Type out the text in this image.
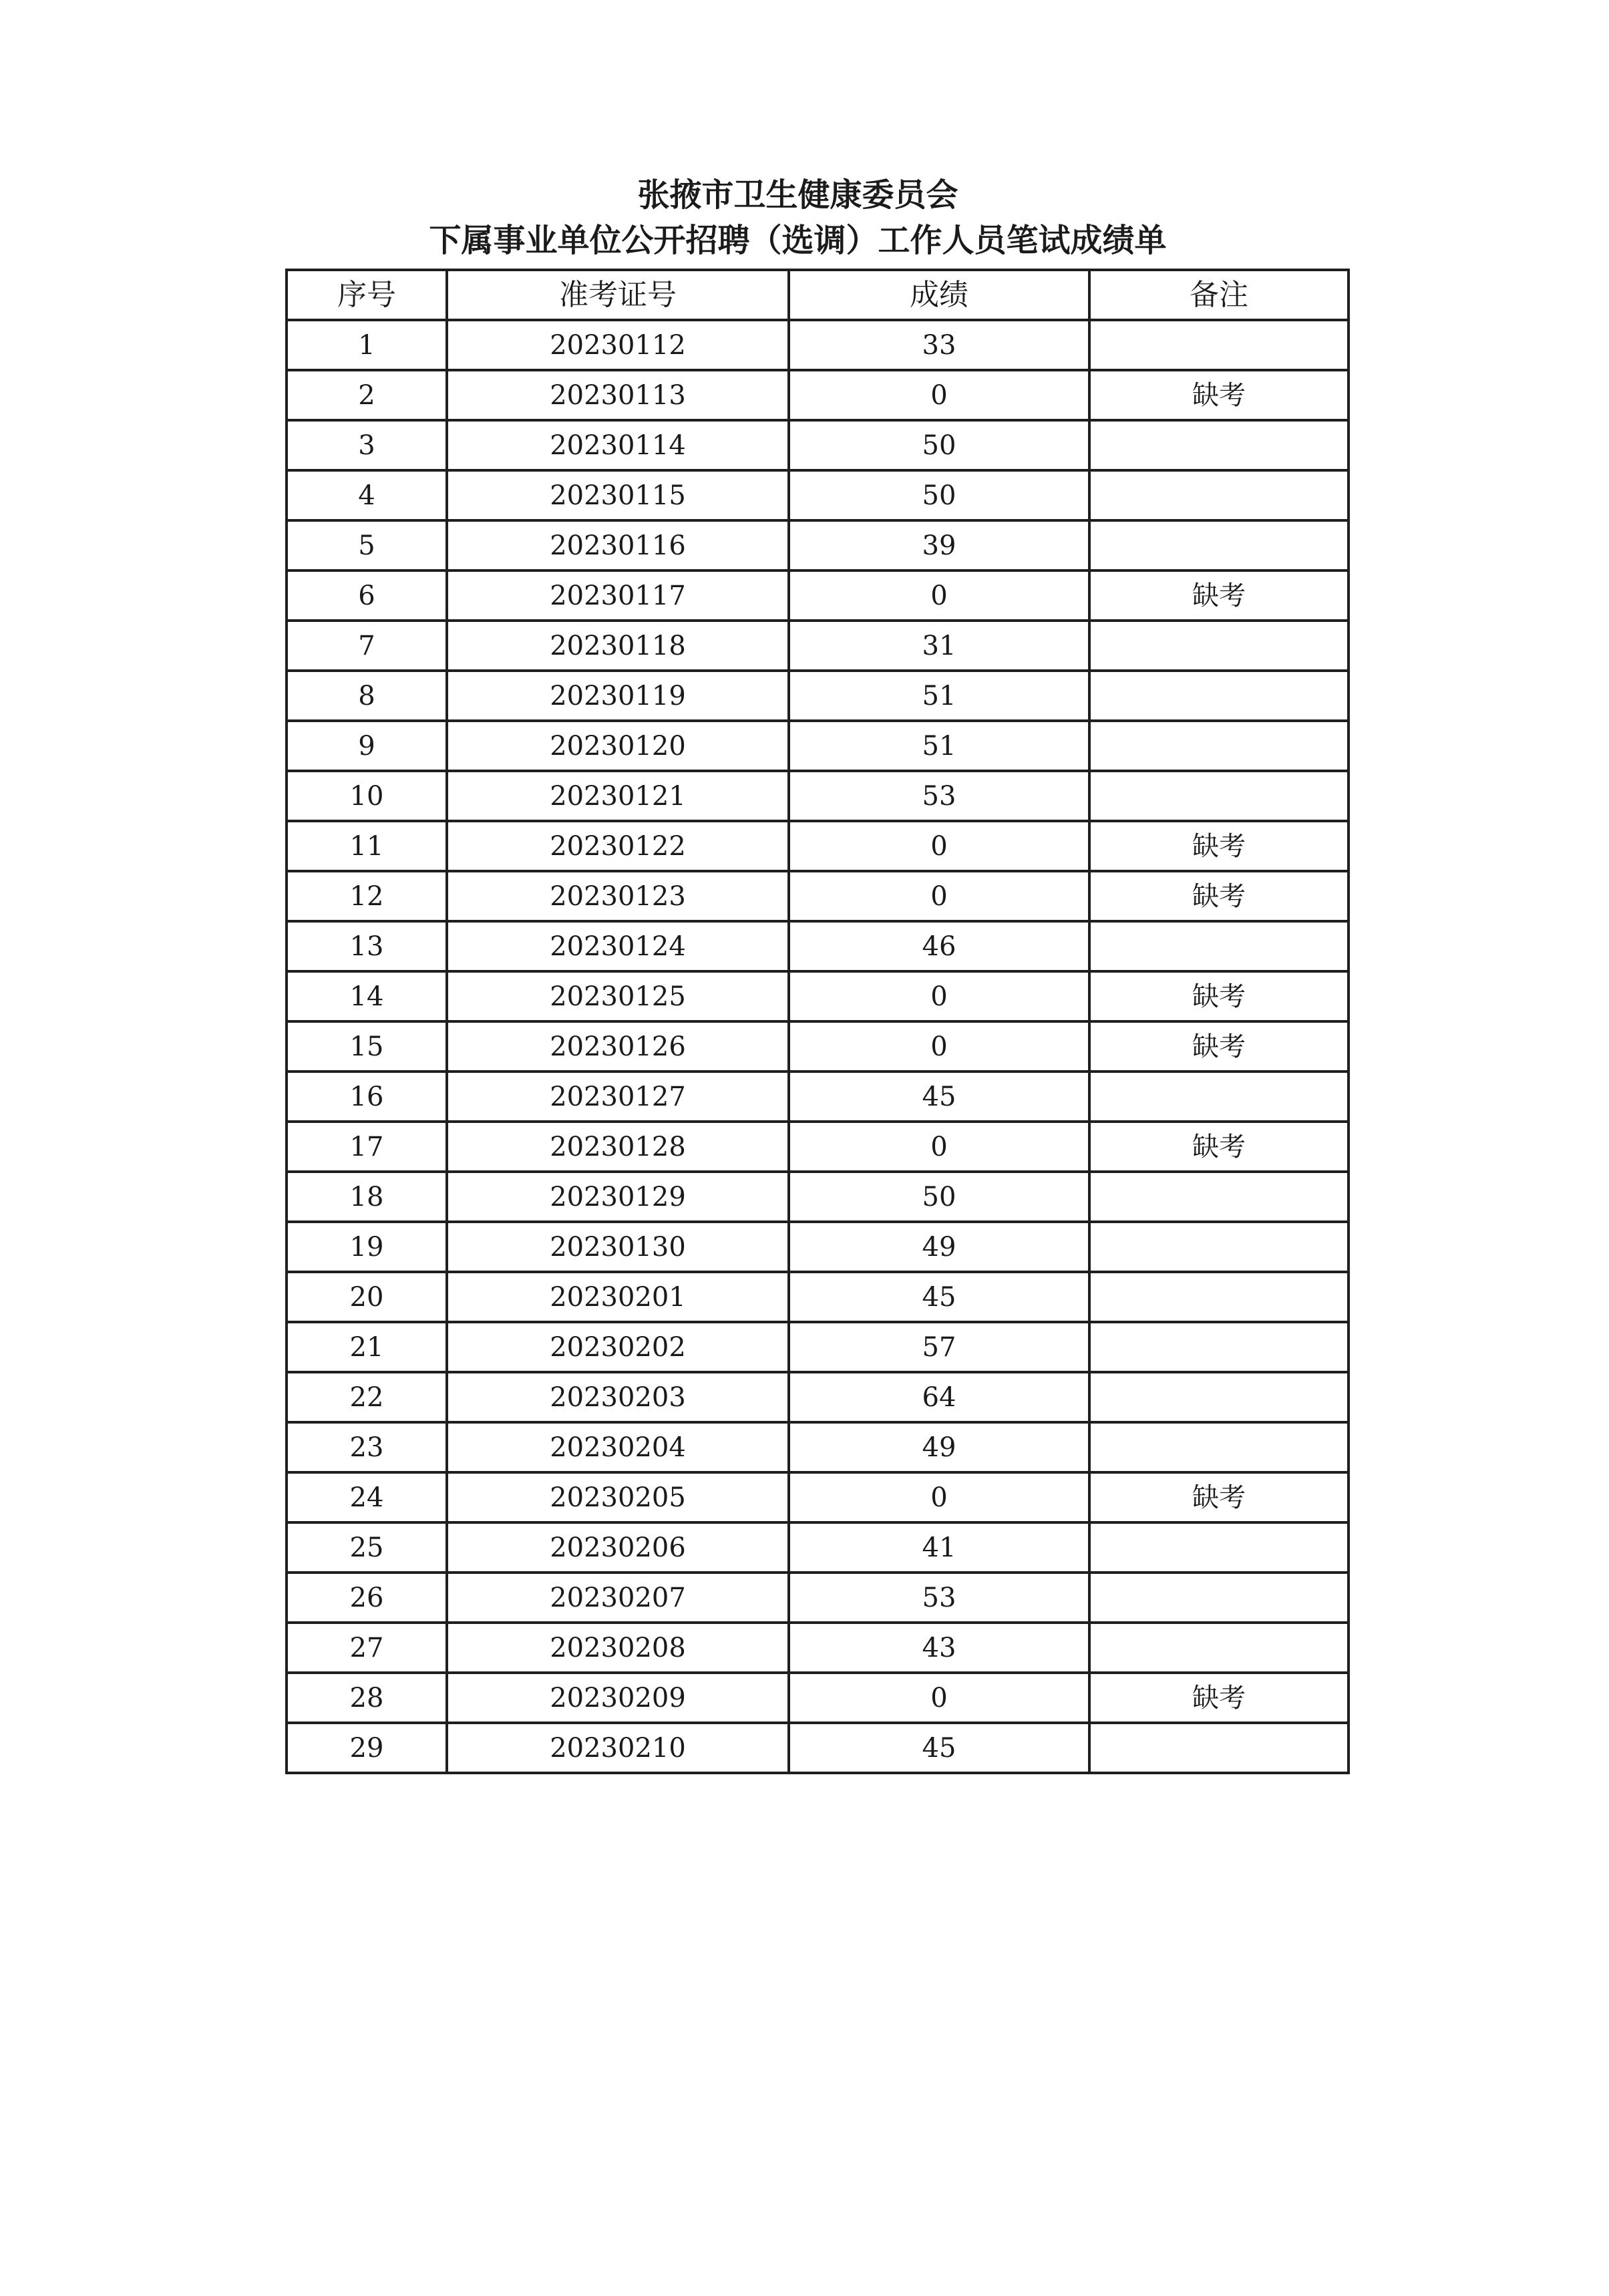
张掖市卫生健康委员会
下属事业单位公开招聘（选调）工作人员笔试成绩单
序号	准考证号	成绩	备注
1	20230112	33	
2	20230113	0	缺考
3	20230114	50	
4	20230115	50	
5	20230116	39	
6	20230117	0	缺考
7	20230118	31	
8	20230119	51	
9	20230120	51	
10	20230121	53	
11	20230122	0	缺考
12	20230123	0	缺考
13	20230124	46	
14	20230125	0	缺考
15	20230126	0	缺考
16	20230127	45	
17	20230128	0	缺考
18	20230129	50	
19	20230130	49	
20	20230201	45	
21	20230202	57	
22	20230203	64	
23	20230204	49	
24	20230205	0	缺考
25	20230206	41	
26	20230207	53	
27	20230208	43	
28	20230209	0	缺考
29	20230210	45	
